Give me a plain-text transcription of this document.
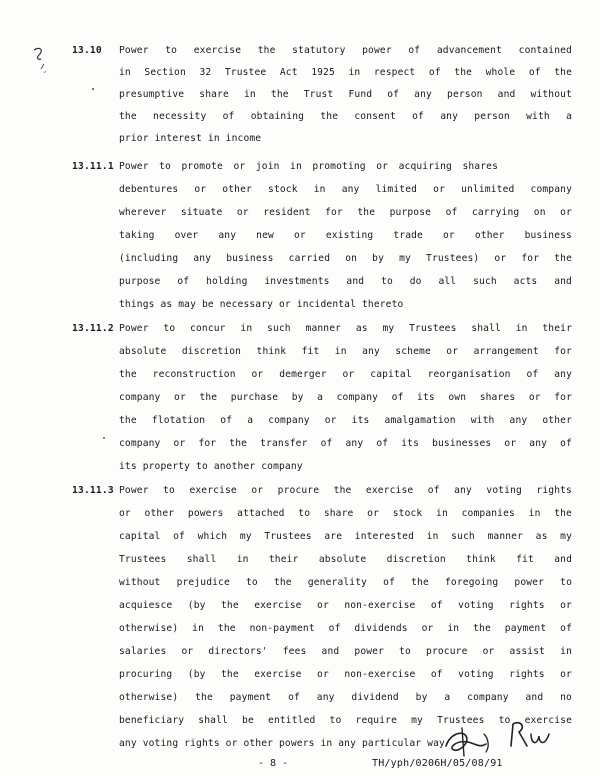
13.10 Power to exercise the statutory power of advancement contained
in Section 32 Trustee Act 1925 in respect of the whole of the
presumptive share in the Trust Fund of any person and without
the necessity of obtaining the consent of any person with a
prior interest in income
13.11.1 Power to promote or join in promoting or acquiring shares
debentures or other stock in any limited or unlimited company
wherever situate or resident for the purpose of carrying on or
taking over any new or existing trade or other business
(including any business carried on by my Trustees) or for the
purpose of holding investments and to do all such acts and
things as may be necessary or incidental thereto
13.11.2 Power to concur in such manner as my Trustees shall in their
absolute discretion think fit in any scheme or arrangement for
the reconstruction or demerger or capital reorganisation of any
company or the purchase by a company of its own shares or for
the flotation of a company or its amalgamation with any other
company or for the transfer of any of its businesses or any of
its property to another company
13.11.3 Power to exercise or procure the exercise of any voting rights
or other powers attached to share or stock in companies in the
capital of which my Trustees are interested in such manner as my
Trustees shall in their absolute discretion think fit and
without prejudice to the generality of the foregoing power to
acquiesce (by the exercise or non-exercise of voting rights or
otherwise) in the non-payment of dividends or in the payment of
salaries or directors' fees and power to procure or assist in
procuring (by the exercise or non-exercise of voting rights or
otherwise) the payment of any dividend by a company and no
beneficiary shall be entitled to require my Trustees to exercise
any voting rights or other powers in any particular way
- 8 -	TH/yph/0206H/05/08/91
